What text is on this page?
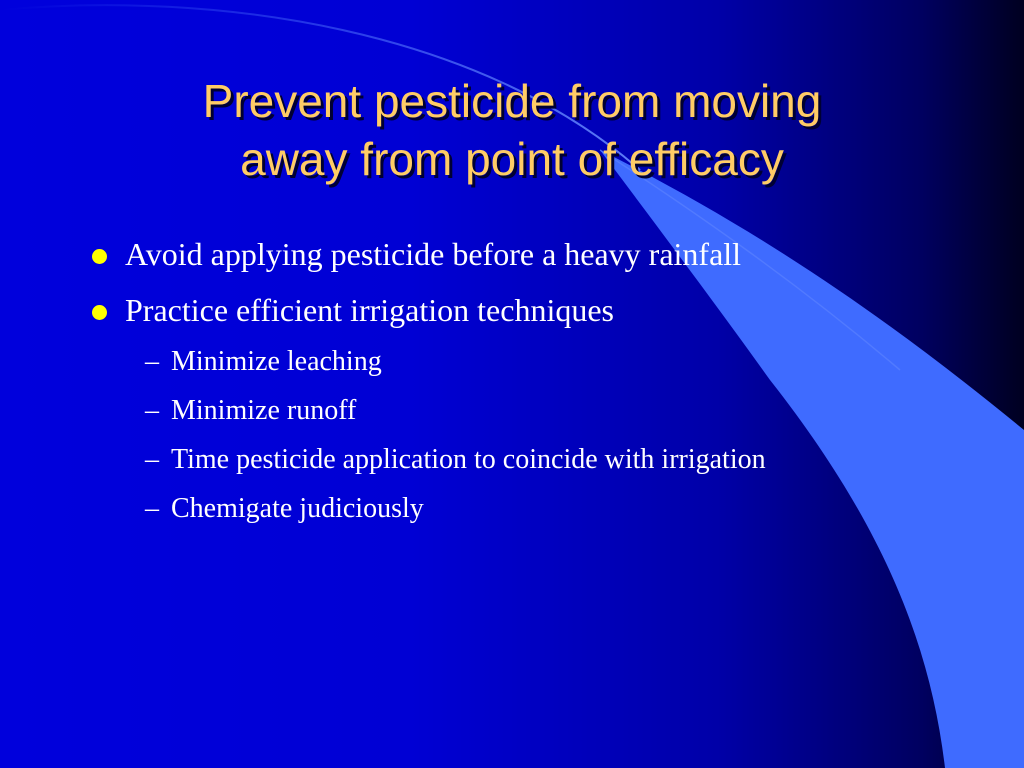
Prevent pesticide from moving
away from point of efficacy
Avoid applying pesticide before a heavy rainfall
Practice efficient irrigation techniques
– Minimize leaching
– Minimize runoff
– Time pesticide application to coincide with irrigation
– Chemigate judiciously
